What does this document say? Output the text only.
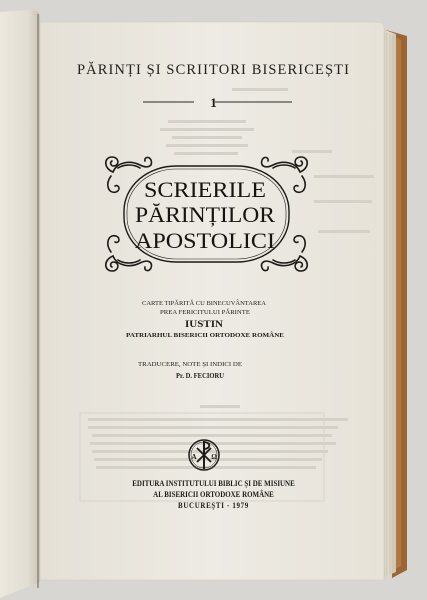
SCRIERILE
PĂRINȚILOR
APOSTOLICI
CARTE TIPĂRITĂ CU BINECUVÂNTAREA
PREA FERICITULUI PĂRINTE
IUSTIN
PATRIARHUL BISERICII ORTODOXE ROMÂNE
TRADUCERE, NOTE ȘI INDICI DE
Pr. D. FECIORU
A Ω
PĂRINȚI ȘI SCRIITORI BISERICEȘTI
1
EDITURA INSTITUTULUI BIBLIC ȘI DE MISIUNE
AL BISERICII ORTODOXE ROMÂNE
BUCUREȘTI - 1979
